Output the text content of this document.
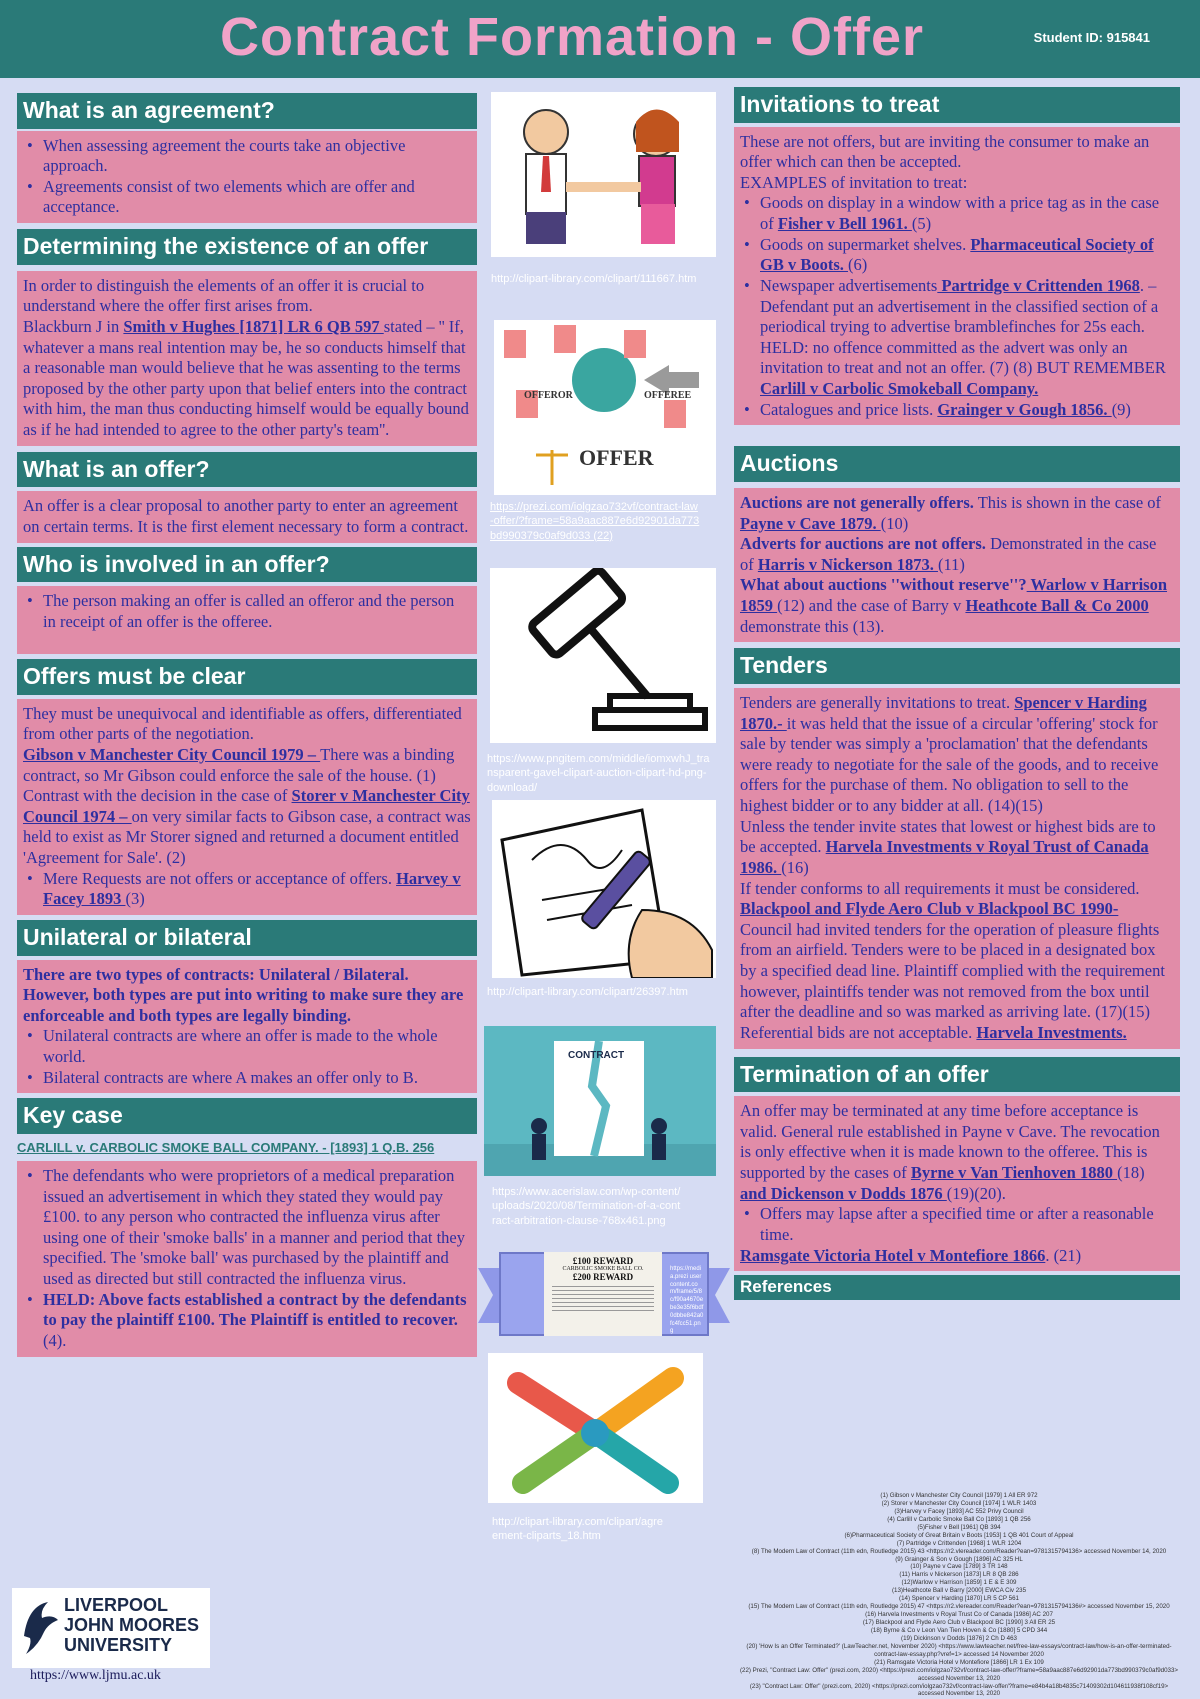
Contract Formation - Offer	Student ID: 915841
What is an agreement?
• When assessing agreement the courts take an objective approach.
• Agreements consist of two elements which are offer and acceptance.
Determining the existence of an offer
In order to distinguish the elements of an offer it is crucial to understand where the offer first arises from.
Blackburn J in Smith v Hughes [1871] LR 6 QB 597 stated – '' If, whatever a mans real intention may be, he so conducts himself that a reasonable man would believe that he was assenting to the terms proposed by the other party upon that belief enters into the contract with him, the man thus conducting himself would be equally bound as if he had intended to agree to the other party's team''.
What is an offer?
An offer is a clear proposal to another party to enter an agreement on certain terms. It is the first element necessary to form a contract.
Who is involved in an offer?
• The person making an offer is called an offeror and the person in receipt of an offer is the offeree.
Offers must be clear
They must be unequivocal and identifiable as offers, differentiated from other parts of the negotiation.
Gibson v Manchester City Council 1979 – There was a binding contract, so Mr Gibson could enforce the sale of the house. (1)
Contrast with the decision in the case of Storer v Manchester City Council 1974 – on very similar facts to Gibson case, a contract was held to exist as Mr Storer signed and returned a document entitled 'Agreement for Sale'. (2)
• Mere Requests are not offers or acceptance of offers. Harvey v Facey 1893 (3)
Unilateral or bilateral
There are two types of contracts: Unilateral / Bilateral. However, both types are put into writing to make sure they are enforceable and both types are legally binding.
• Unilateral contracts are where an offer is made to the whole world.
• Bilateral contracts are where A makes an offer only to B.
Key case
CARLILL v. CARBOLIC SMOKE BALL COMPANY. - [1893] 1 Q.B. 256
• The defendants who were proprietors of a medical preparation issued an advertisement in which they stated they would pay £100. to any person who contracted the influenza virus after using one of their 'smoke balls' in a manner and period that they specified. The 'smoke ball' was purchased by the plaintiff and used as directed but still contracted the influenza virus.
• HELD: Above facts established a contract by the defendants to pay the plaintiff £100. The Plaintiff is entitled to recover. (4).
LIVERPOOL
JOHN MOORES
UNIVERSITY
https://www.ljmu.ac.uk
http://clipart-library.com/clipart/111667.htm
OFFEROR	OFFEREE
OFFER
https://prezi.com/iolgzao732vf/contract-law-offer/?frame=58a9aac887e6d92901da773bd990379c0af9d033 (22)
https://www.pngitem.com/middle/iomxwhJ_transparent-gavel-clipart-auction-clipart-hd-png-download/
http://clipart-library.com/clipart/26397.htm
CONTRACT
https://www.acerislaw.com/wp-content/uploads/2020/08/Termination-of-a-contract-arbitration-clause-768x461.png
£100 REWARD
CARBOLIC SMOKE BALL CO.
£200 REWARD
https://media.prezi usercontent.com/frame/5/8c/f90a4670ebe3e35f6bdf0dbbe842a0fc4fcc51.png
http://clipart-library.com/clipart/agreement-cliparts_18.htm
Invitations to treat
These are not offers, but are inviting the consumer to make an offer which can then be accepted.
EXAMPLES of invitation to treat:
• Goods on display in a window with a price tag as in the case of Fisher v Bell 1961. (5)
• Goods on supermarket shelves. Pharmaceutical Society of GB v Boots. (6)
• Newspaper advertisements Partridge v Crittenden 1968. – Defendant put an advertisement in the classified section of a periodical trying to advertise bramblefinches for 25s each. HELD: no offence committed as the advert was only an invitation to treat and not an offer. (7) (8) BUT REMEMBER Carlill v Carbolic Smokeball Company.
• Catalogues and price lists. Grainger v Gough 1856. (9)
Auctions
Auctions are not generally offers. This is shown in the case of Payne v Cave 1879. (10)
Adverts for auctions are not offers. Demonstrated in the case of Harris v Nickerson 1873. (11)
What about auctions ''without reserve''? Warlow v Harrison 1859 (12) and the case of Barry v Heathcote Ball & Co 2000 demonstrate this (13).
Tenders
Tenders are generally invitations to treat. Spencer v Harding 1870.- it was held that the issue of a circular 'offering' stock for sale by tender was simply a 'proclamation' that the defendants were ready to negotiate for the sale of the goods, and to receive offers for the purchase of them. No obligation to sell to the highest bidder or to any bidder at all. (14)(15)
Unless the tender invite states that lowest or highest bids are to be accepted. Harvela Investments v Royal Trust of Canada 1986. (16)
If tender conforms to all requirements it must be considered. Blackpool and Flyde Aero Club v Blackpool BC 1990- Council had invited tenders for the operation of pleasure flights from an airfield. Tenders were to be placed in a designated box by a specified dead line. Plaintiff complied with the requirement however, plaintiffs tender was not removed from the box until after the deadline and so was marked as arriving late. (17)(15)
Referential bids are not acceptable. Harvela Investments.
Termination of an offer
An offer may be terminated at any time before acceptance is valid. General rule established in Payne v Cave. The revocation is only effective when it is made known to the offeree. This is supported by the cases of Byrne v Van Tienhoven 1880 (18) and Dickenson v Dodds 1876 (19)(20).
• Offers may lapse after a specified time or after a reasonable time.
Ramsgate Victoria Hotel v Montefiore 1866. (21)
References
(1) Gibson v Manchester City Council [1979] 1 All ER 972
(2) Storer v Manchester City Council [1974] 1 WLR 1403
(3)Harvey v Facey [1893] AC 552 Privy Council
(4) Carlill v Carbolic Smoke Ball Co [1893] 1 QB 256
(5)Fisher v Bell [1961] QB 394
(6)Pharmaceutical Society of Great Britain v Boots [1953] 1 QB 401 Court of Appeal
(7) Partridge v Crittenden [1968] 1 WLR 1204
(8) The Modern Law of Contract (11th edn, Routledge 2015) 43 <https://r2.vlereader.com/Reader?ean=9781315794136> accessed November 14, 2020
(9) Grainger & Son v Gough [1896] AC 325 HL
(10) Payne v Cave [1789] 3 TR 148
(11) Harris v Nickerson [1873] LR 8 QB 286
(12)Warlow v Harrison [1859] 1 E & E 309
(13)Heathcote Ball v Barry [2000] EWCA Civ 235
(14) Spencer v Harding [1870] LR 5 CP 561
(15) The Modern Law of Contract (11th edn, Routledge 2015) 47 <https://r2.vlereader.com/Reader?ean=9781315794136#> accessed November 15, 2020
(16) Harvela Investments v Royal Trust Co of Canada [1986] AC 207
(17) Blackpool and Flyde Aero Club v Blackpool BC [1990] 3 All ER 25
(18) Byrne & Co v Leon Van Tien Hoven & Co [1880] 5 CPD 344
(19) Dickinson v Dodds [1876] 2 Ch D 463
(20) 'How Is an Offer Terminated?' (LawTeacher.net, November 2020) <https://www.lawteacher.net/free-law-essays/contract-law/how-is-an-offer-terminated-contract-law-essay.php?vref=1> accessed 14 November 2020
(21) Ramsgate Victoria Hotel v Montefiore [1866] LR 1 Ex 109
(22) Prezi, "Contract Law: Offer" (prezi.com, 2020) <https://prezi.com/iolgzao732vf/contract-law-offer/?frame=58a9aac887e6d92901da773bd990379c0af9d033> accessed November 13, 2020
(23) "Contract Law: Offer" (prezi.com, 2020) <https://prezi.com/iolgzao732vf/contract-law-offer/?frame=e84b4a18b4835c71409302d104611938f108cf19> accessed November 13, 2020
